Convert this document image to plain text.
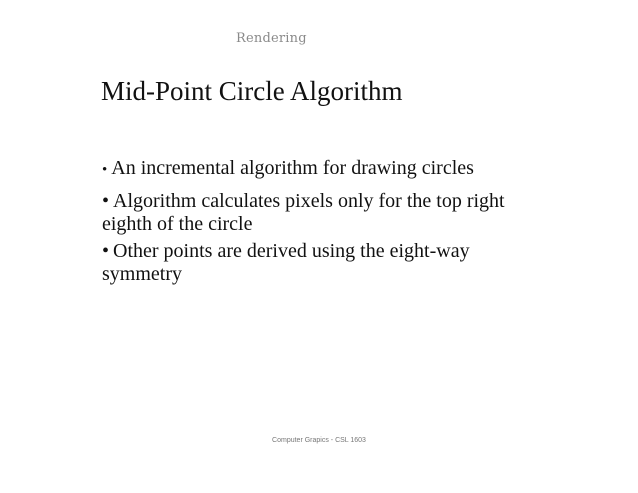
Rendering
Mid-Point Circle Algorithm
• An incremental algorithm for drawing circles
• Algorithm calculates pixels only for the top right eighth of the circle
• Other points are derived using the eight-way symmetry
Computer Grapics - CSL 1603
